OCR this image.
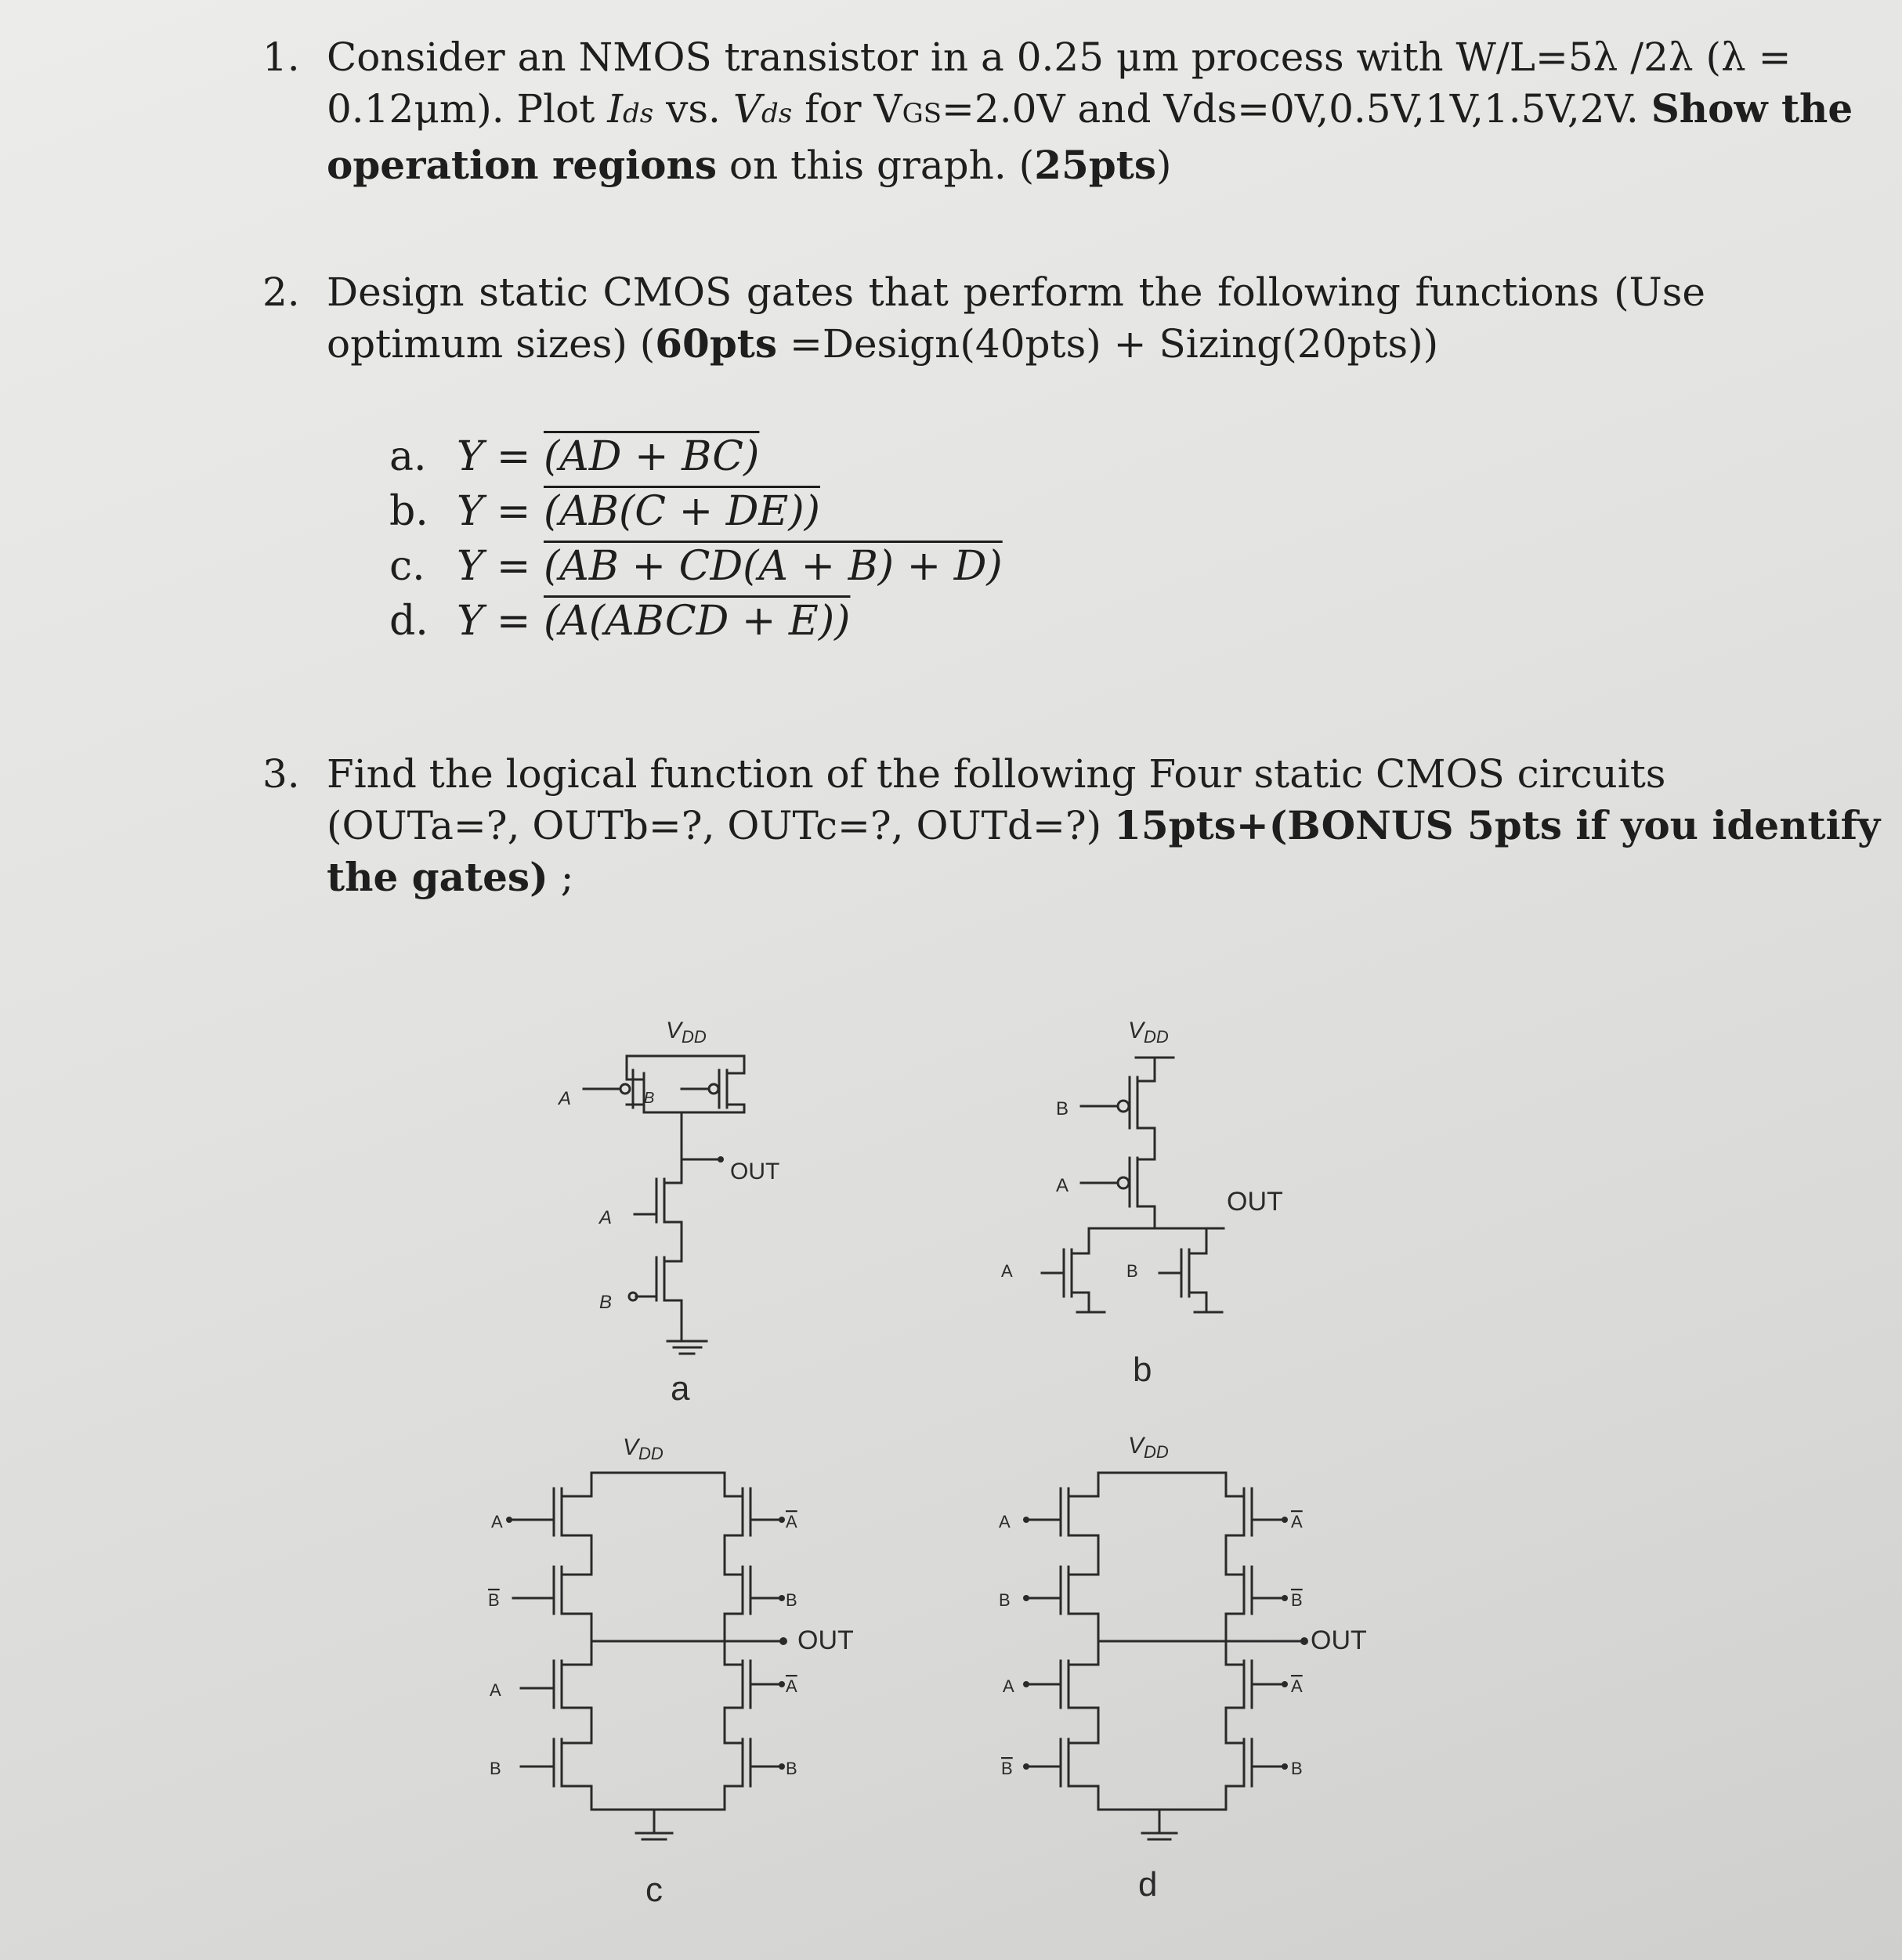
1. Consider an NMOS transistor in a 0.25 μm process with W/L=5λ /2λ (λ =
0.12μm). Plot Ids vs. Vds for VGS=2.0V and Vds=0V,0.5V,1V,1.5V,2V. Show the
operation regions on this graph. (25pts)
2. Design static CMOS gates that perform the following functions (Use
optimum sizes) (60pts =Design(40pts) + Sizing(20pts))
a. Y = (AD + BC)
b. Y = (AB(C + DE))
c. Y = (AB + CD(A + B) + D)
d. Y = (A(ABCD + E))
3. Find the logical function of the following Four static CMOS circuits
(OUTa=?, OUTb=?, OUTc=?, OUTd=?) 15pts+(BONUS 5pts if you identify
the gates) ;
$V_{DD}$
A	B
OUT
A
B
a
$V_{DD}$
B
A
OUT
A	B
b
$V_{DD}$
A
B
A
B
A
B
A
B
OUT
c
$V_{DD}$
A
B
A
B
A
B
A
B
OUT
d
